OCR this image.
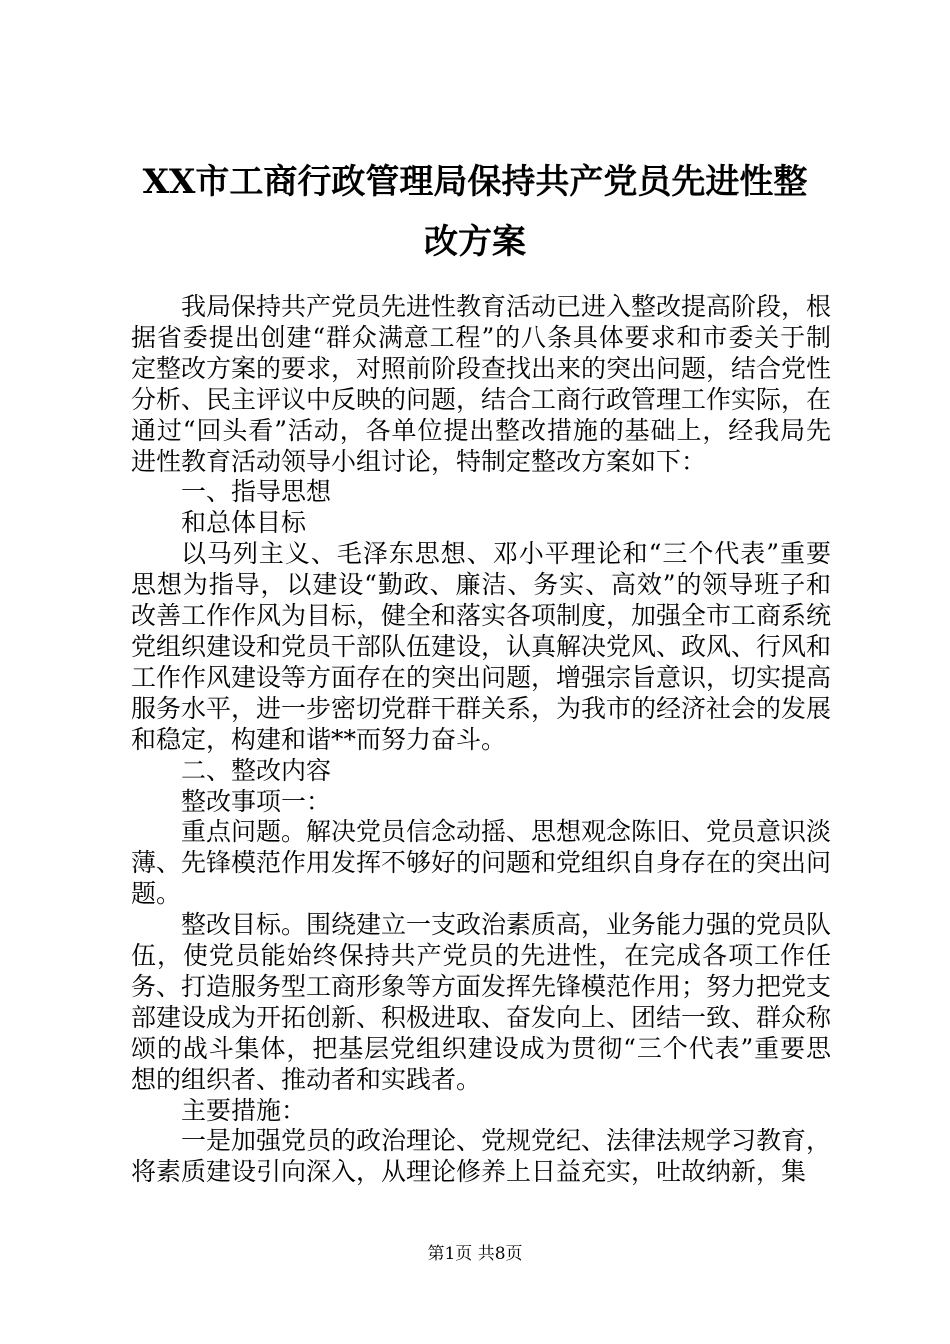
XX市工商行政管理局保持共产党员先进性整
改方案

我局保持共产党员先进性教育活动已进入整改提高阶段，根据省委提出创建“群众满意工程”的八条具体要求和市委关于制定整改方案的要求，对照前阶段查找出来的突出问题，结合党性分析、民主评议中反映的问题，结合工商行政管理工作实际，在通过“回头看”活动，各单位提出整改措施的基础上，经我局先进性教育活动领导小组讨论，特制定整改方案如下：

一、指导思想

和总体目标

以马列主义、毛泽东思想、邓小平理论和“三个代表”重要思想为指导，以建设“勤政、廉洁、务实、高效”的领导班子和改善工作作风为目标，健全和落实各项制度，加强全市工商系统党组织建设和党员干部队伍建设，认真解决党风、政风、行风和工作作风建设等方面存在的突出问题，增强宗旨意识，切实提高服务水平，进一步密切党群干群关系，为我市的经济社会的发展和稳定，构建和谐**而努力奋斗。

二、整改内容

整改事项一：

重点问题。解决党员信念动摇、思想观念陈旧、党员意识淡薄、先锋模范作用发挥不够好的问题和党组织自身存在的突出问题。

整改目标。围绕建立一支政治素质高，业务能力强的党员队伍，使党员能始终保持共产党员的先进性，在完成各项工作任务、打造服务型工商形象等方面发挥先锋模范作用；努力把党支部建设成为开拓创新、积极进取、奋发向上、团结一致、群众称颂的战斗集体，把基层党组织建设成为贯彻“三个代表”重要思想的组织者、推动者和实践者。

主要措施：

一是加强党员的政治理论、党规党纪、法律法规学习教育，将素质建设引向深入，从理论修养上日益充实，吐故纳新，集

第1页 共8页
